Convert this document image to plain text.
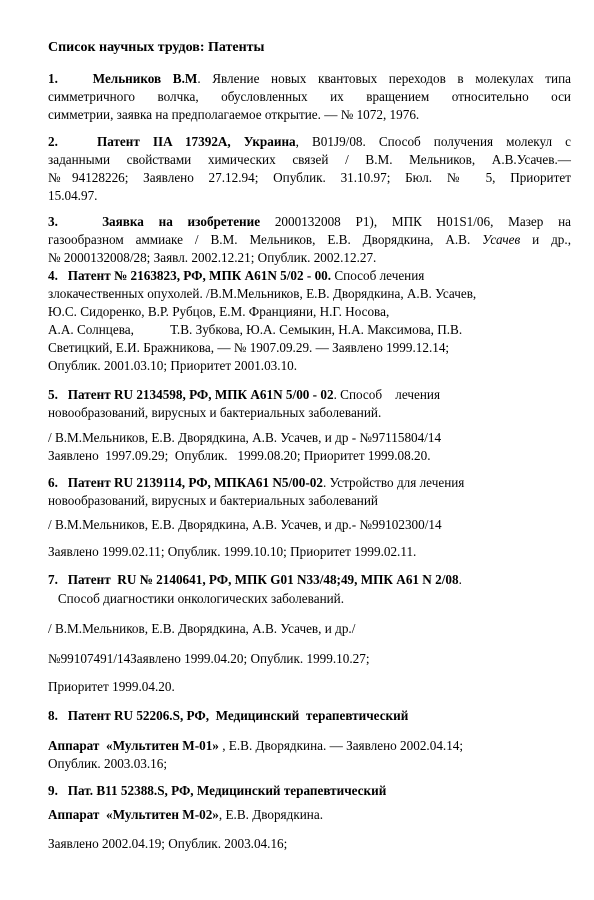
Список научных трудов: Патенты
1.	Мельников В.М. Явление новых квантовых переходов в молекулах типа
симметричного волчка, обусловленных их вращением относительно оси
симметрии, заявка на предполагаемое открытие. — № 1072, 1976.
2.	Патент IIA 17392A, Украина, B01J9/08. Способ получения молекул с
заданными свойствами химических связей / В.М. Мельников, А.В.Усачев.—
№94128226; Заявлено 27.12.94; Опублик. 31.10.97; Бюл. № 5, Приоритет
15.04.97.
3.	Заявка на изобретение 2000132008 Р1), МПК H01S1/06, Мазер на
газообразном аммиаке / В.М. Мельников, Е.В. Дворядкина, А.В. Усачев и др.,
№ 2000132008/28; Заявл. 2002.12.21; Опублик. 2002.12.27.
4. Патент № 2163823, РФ, МПК А61N 5/02 - 00. Способ лечения
злокачественных опухолей. /В.М.Мельников, Е.В. Дворядкина, А.В. Усачев,
Ю.С. Сидоренко, В.Р. Рубцов, Е.М. Францияни, Н.Г. Носова,
А.А. Солнцева,           Т.В. Зубкова, Ю.А. Семыкин, Н.А. Максимова, П.В.
Светицкий, Е.И. Бражникова, — № 1907.09.29. — Заявлено 1999.12.14;
Опублик. 2001.03.10; Приоритет 2001.03.10.
5. Патент RU 2134598, РФ, МПК А61N 5/00 - 02. Способ    лечения
новообразований, вирусных и бактериальных заболеваний.
/ В.М.Мельников, Е.В. Дворядкина, А.В. Усачев, и др - №97115804/14
Заявлено  1997.09.29;  Опублик.   1999.08.20; Приоритет 1999.08.20.
6. Патент RU 2139114, РФ, МПКА61 N5/00-02. Устройство для лечения
новообразований, вирусных и бактериальных заболеваний
/ В.М.Мельников, Е.В. Дворядкина, А.В. Усачев, и др.- №99102300/14
Заявлено 1999.02.11; Опублик. 1999.10.10; Приоритет 1999.02.11.
7. Патент  RU № 2140641, РФ, МПК G01 N33/48;49, МПК А61 N 2/08.
Способ диагностики онкологических заболеваний.
/ В.М.Мельников, Е.В. Дворядкина, А.В. Усачев, и др./
№99107491/14Заявлено 1999.04.20; Опублик. 1999.10.27;
Приоритет 1999.04.20.
8. Патент RU 52206.S, РФ,  Медицинский  терапевтический
Аппарат  «Мультитен М-01» , Е.В. Дворядкина. — Заявлено 2002.04.14;
Опублик. 2003.03.16;
9. Пат. В11 52388.S, РФ, Медицинский терапевтический
Аппарат  «Мультитен М-02», Е.В. Дворядкина.
Заявлено 2002.04.19; Опублик. 2003.04.16;
